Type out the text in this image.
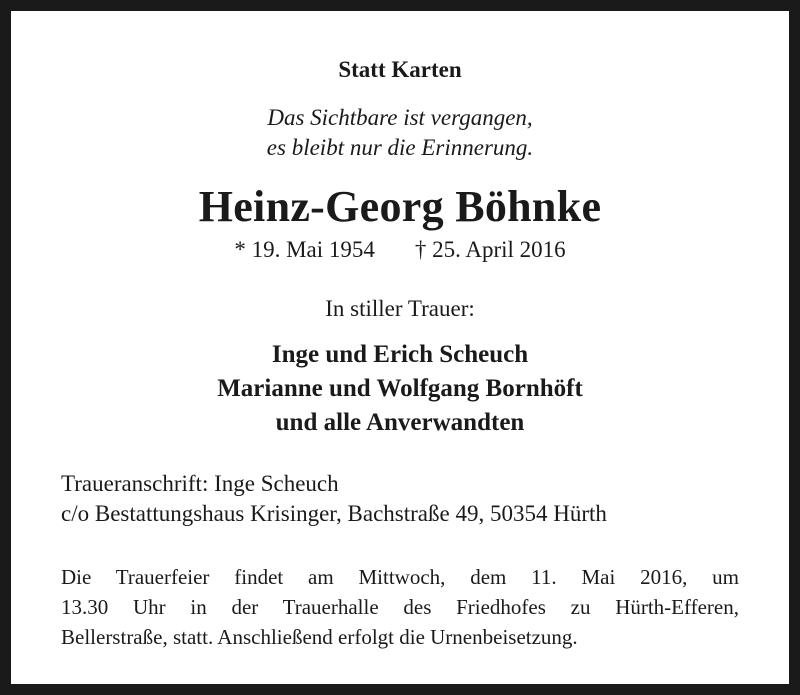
Statt Karten
Das Sichtbare ist vergangen,
es bleibt nur die Erinnerung.
Heinz-Georg Böhnke
* 19. Mai 1954 † 25. April 2016
In stiller Trauer:
Inge und Erich Scheuch
Marianne und Wolfgang Bornhöft
und alle Anverwandten
Traueranschrift: Inge Scheuch
c/o Bestattungshaus Krisinger, Bachstraße 49, 50354 Hürth
Die Trauerfeier findet am Mittwoch, dem 11. Mai 2016, um
13.30 Uhr in der Trauerhalle des Friedhofes zu Hürth-Efferen,
Bellerstraße, statt. Anschließend erfolgt die Urnenbeisetzung.
